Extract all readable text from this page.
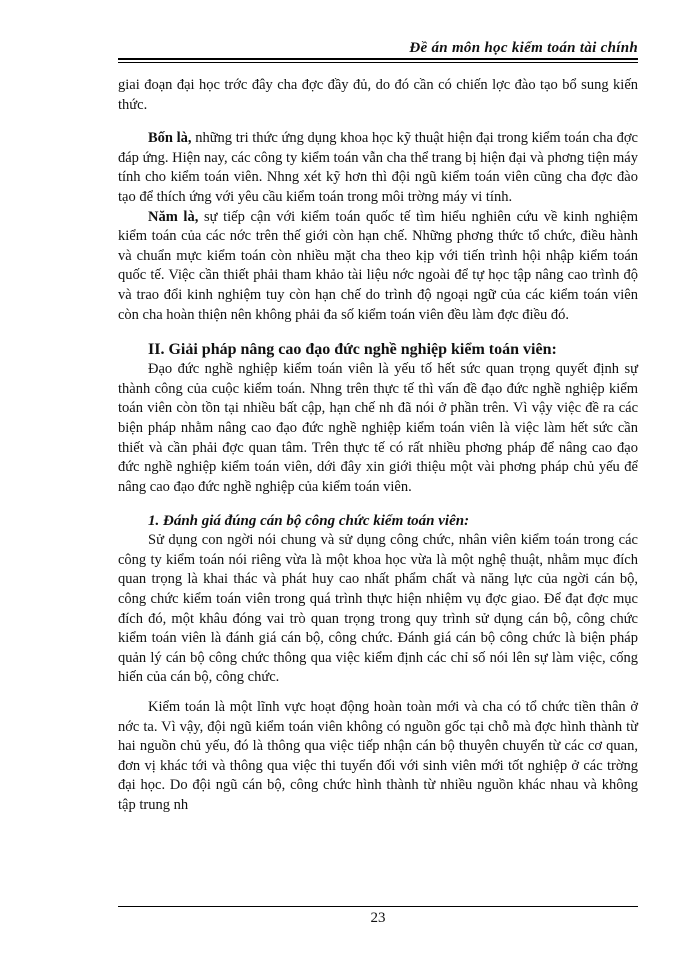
Đề án môn học kiểm toán tài chính

giai đoạn đại học trớc đây cha đợc đầy đủ, do đó cần có chiến lợc đào tạo bổ sung kiến thức.

Bốn là, những tri thức ứng dụng khoa học kỹ thuật hiện đại trong kiểm toán cha đợc đáp ứng. Hiện nay, các công ty kiểm toán vẫn cha thể trang bị hiện đại và phơng tiện máy tính cho kiểm toán viên. Nhng xét kỹ hơn thì đội ngũ kiểm toán viên cũng cha đợc đào tạo để thích ứng với yêu cầu kiểm toán trong môi trờng máy vi tính.

Năm là, sự tiếp cận với kiểm toán quốc tế tìm hiểu nghiên cứu về kinh nghiệm kiểm toán của các nớc trên thế giới còn hạn chế. Những phơng thức tổ chức, điều hành và chuẩn mực kiểm toán còn nhiều mặt cha theo kịp với tiến trình hội nhập kiểm toán quốc tế. Việc cần thiết phải tham khảo tài liệu nớc ngoài để tự học tập nâng cao trình độ và trao đổi kinh nghiệm tuy còn hạn chế do trình độ ngoại ngữ của các kiểm toán viên còn cha hoàn thiện nên không phải đa số kiểm toán viên đều làm đợc điều đó.

II. Giải pháp nâng cao đạo đức nghề nghiệp kiểm toán viên:

Đạo đức nghề nghiệp kiểm toán viên là yếu tố hết sức quan trọng quyết định sự thành công của cuộc kiểm toán. Nhng trên thực tế thì vấn đề đạo đức nghề nghiệp kiểm toán viên còn tồn tại nhiều bất cập, hạn chế nh đã nói ở phần trên. Vì vậy việc đề ra các biện pháp nhằm nâng cao đạo đức nghề nghiệp kiểm toán viên là việc làm hết sức cần thiết và cần phải đợc quan tâm. Trên thực tế có rất nhiều phơng pháp để nâng cao đạo đức nghề nghiệp kiểm toán viên, dới đây xin giới thiệu một vài phơng pháp chủ yếu để nâng cao đạo đức nghề nghiệp của kiểm toán viên.

1. Đánh giá đúng cán bộ công chức kiểm toán viên:

Sử dụng con ngời nói chung và sử dụng công chức, nhân viên kiểm toán trong các công ty kiểm toán nói riêng vừa là một khoa học vừa là một nghệ thuật, nhằm mục đích quan trọng là khai thác và phát huy cao nhất phẩm chất và năng lực của ngời cán bộ, công chức kiểm toán viên trong quá trình thực hiện nhiệm vụ đợc giao. Để đạt đợc mục đích đó, một khâu đóng vai trò quan trọng trong quy trình sử dụng cán bộ, công chức kiểm toán viên là đánh giá cán bộ, công chức. Đánh giá cán bộ công chức là biện pháp quản lý cán bộ công chức thông qua việc kiểm định các chỉ số nói lên sự làm việc, cống hiến của cán bộ, công chức.

Kiểm toán là một lĩnh vực hoạt động hoàn toàn mới và cha có tổ chức tiền thân ở nớc ta. Vì vậy, đội ngũ kiểm toán viên không có nguồn gốc tại chỗ mà đợc hình thành từ hai nguồn chủ yếu, đó là thông qua việc tiếp nhận cán bộ thuyên chuyển từ các cơ quan, đơn vị khác tới và thông qua việc thi tuyển đối với sinh viên mới tốt nghiệp ở các trờng đại học. Do đội ngũ cán bộ, công chức hình thành từ nhiều nguồn khác nhau và không tập trung nh

23
